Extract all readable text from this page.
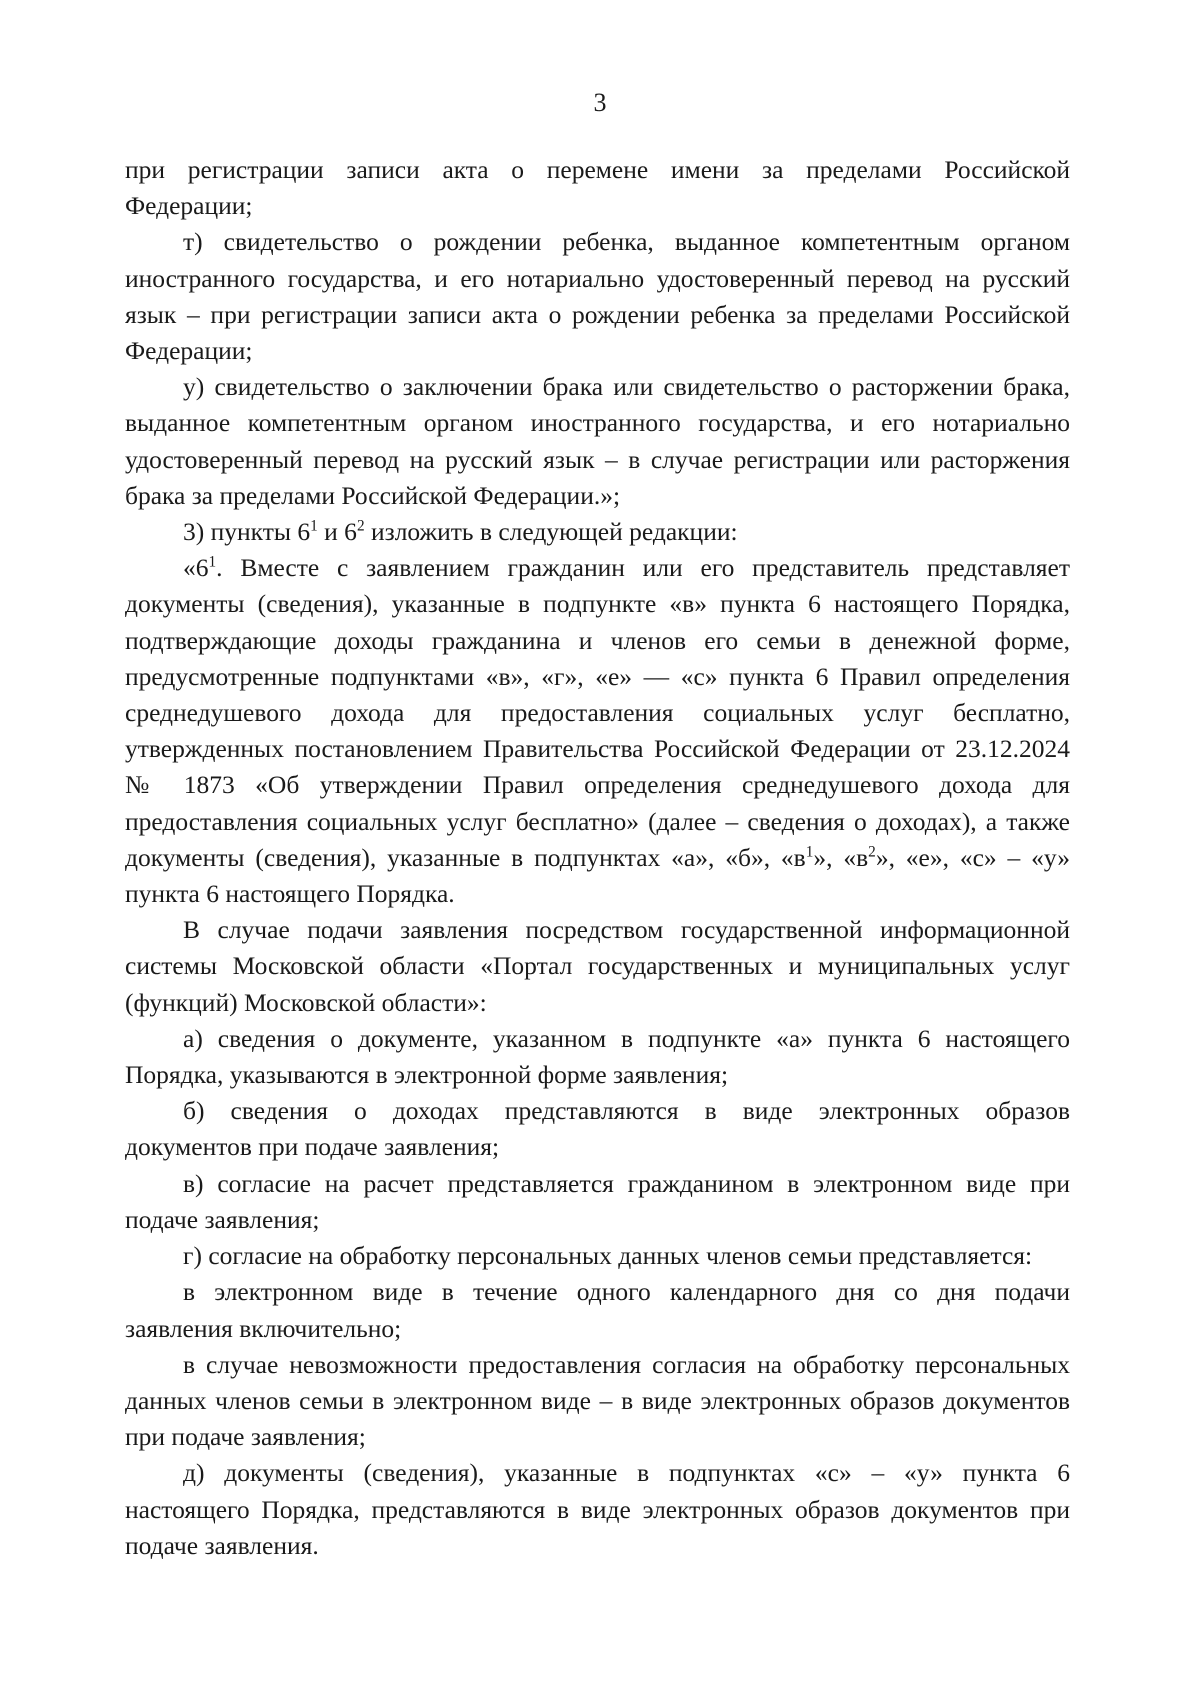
3

при регистрации записи акта о перемене имени за пределами Российской
Федерации;

т) свидетельство о рождении ребенка, выданное компетентным органом
иностранного государства, и его нотариально удостоверенный перевод на русский
язык – при регистрации записи акта о рождении ребенка за пределами Российской
Федерации;

у) свидетельство о заключении брака или свидетельство о расторжении брака,
выданное компетентным органом иностранного государства, и его нотариально
удостоверенный перевод на русский язык – в случае регистрации или расторжения
брака за пределами Российской Федерации.»;

3) пункты $6^1$ и $6^2$ изложить в следующей редакции:

«$6^1$. Вместе с заявлением гражданин или его представитель представляет
документы (сведения), указанные в подпункте «в» пункта 6 настоящего Порядка,
подтверждающие доходы гражданина и членов его семьи в денежной форме,
предусмотренные подпунктами «в», «г», «е» — «с» пункта 6 Правил определения
среднедушевого дохода для предоставления социальных услуг бесплатно,
утвержденных постановлением Правительства Российской Федерации от 23.12.2024
№ 1873 «Об утверждении Правил определения среднедушевого дохода для
предоставления социальных услуг бесплатно» (далее – сведения о доходах), а также
документы (сведения), указанные в подпунктах «а», «б», «$в^1$», «$в^2$», «е», «с» – «у»
пункта 6 настоящего Порядка.

В случае подачи заявления посредством государственной информационной
системы Московской области «Портал государственных и муниципальных услуг
(функций) Московской области»:

а) сведения о документе, указанном в подпункте «а» пункта 6 настоящего
Порядка, указываются в электронной форме заявления;

б) сведения о доходах представляются в виде электронных образов
документов при подаче заявления;

в) согласие на расчет представляется гражданином в электронном виде при
подаче заявления;

г) согласие на обработку персональных данных членов семьи представляется:

в электронном виде в течение одного календарного дня со дня подачи
заявления включительно;

в случае невозможности предоставления согласия на обработку персональных
данных членов семьи в электронном виде – в виде электронных образов документов
при подаче заявления;

д) документы (сведения), указанные в подпунктах «с» – «у» пункта 6
настоящего Порядка, представляются в виде электронных образов документов при
подаче заявления.
